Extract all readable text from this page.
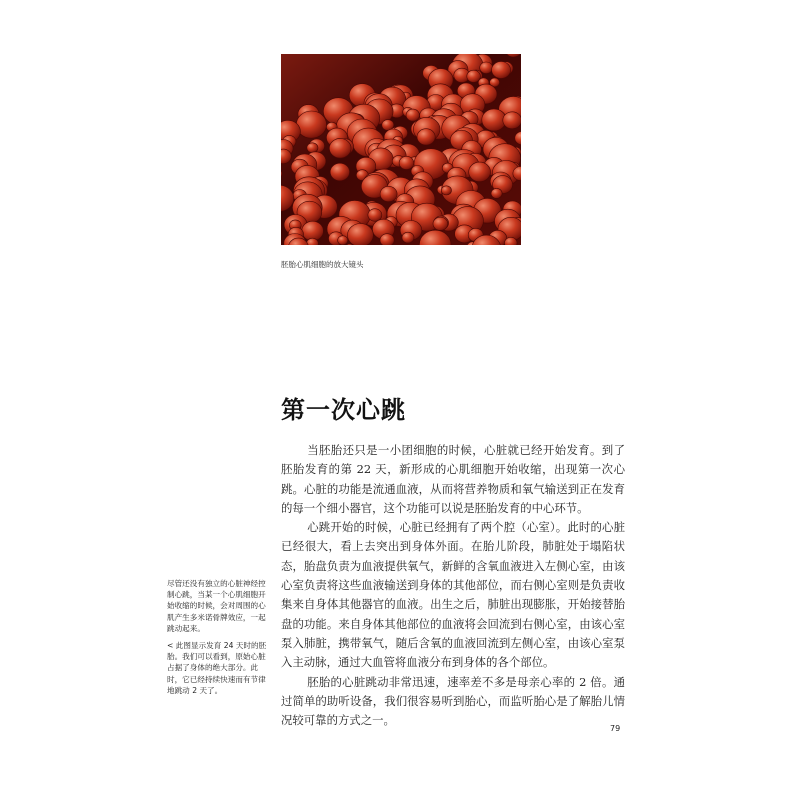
胚胎心肌细胞的放大镜头
第一次心跳

当胚胎还只是一小团细胞的时候，心脏就已经开始发育。到了胚胎发育的第 22 天，新形成的心肌细胞开始收缩，出现第一次心跳。心脏的功能是流通血液，从而将营养物质和氧气输送到正在发育的每一个细小器官，这个功能可以说是胚胎发育的中心环节。

心跳开始的时候，心脏已经拥有了两个腔（心室）。此时的心脏已经很大，看上去突出到身体外面。在胎儿阶段，肺脏处于塌陷状态，胎盘负责为血液提供氧气，新鲜的含氧血液进入左侧心室，由该心室负责将这些血液输送到身体的其他部位，而右侧心室则是负责收集来自身体其他器官的血液。出生之后，肺脏出现膨胀，开始接替胎盘的功能。来自身体其他部位的血液将会回流到右侧心室，由该心室泵入肺脏，携带氧气，随后含氧的血液回流到左侧心室，由该心室泵入主动脉，通过大血管将血液分布到身体的各个部位。

胚胎的心脏跳动非常迅速，速率差不多是母亲心率的 2 倍。通过简单的助听设备，我们很容易听到胎心，而监听胎心是了解胎儿情况较可靠的方式之一。

尽管还没有独立的心脏神经控制心跳，当某一个心肌细胞开始收缩的时候，会对周围的心肌产生多米诺骨牌效应，一起跳动起来。

< 此图显示发育 24 天时的胚胎。我们可以看到，原始心脏占据了身体的绝大部分。此时，它已经持续快速而有节律地跳动 2 天了。

79
